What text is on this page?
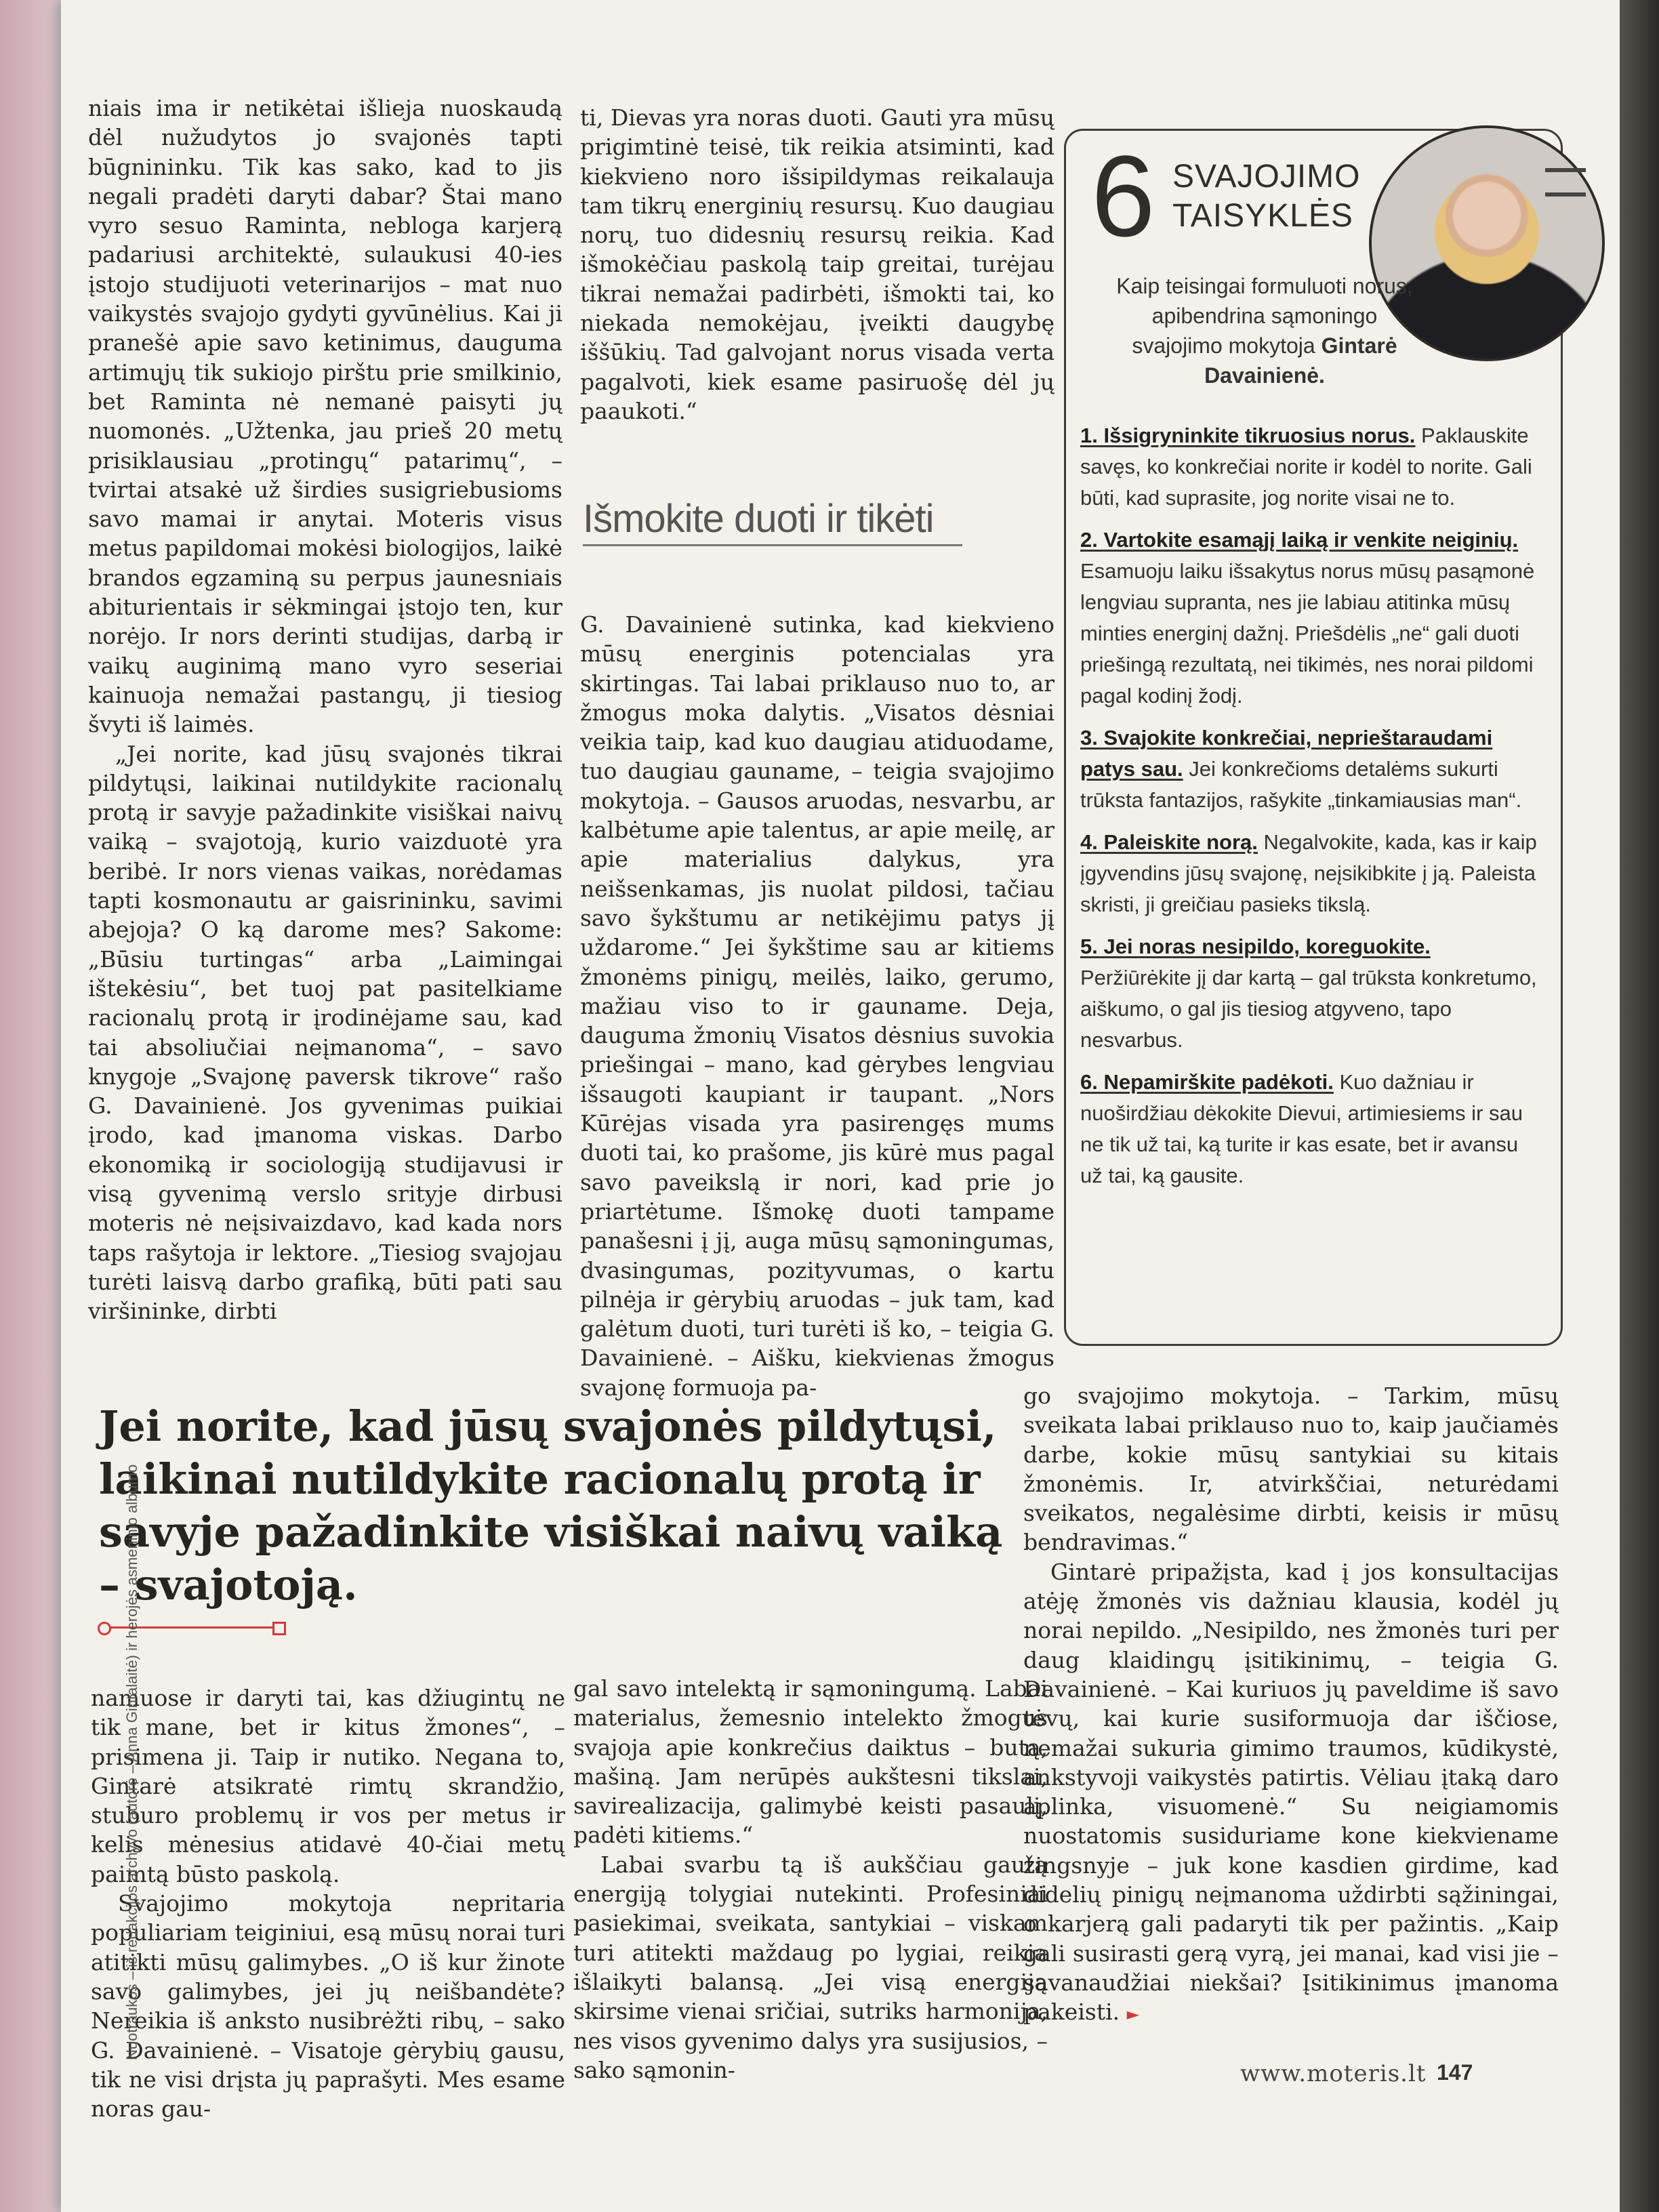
niais ima ir netikėtai išlieja nuoskaudą dėl nužudytos jo svajonės tapti būgnininku. Tik kas sako, kad to jis negali pradėti daryti dabar? Štai mano vyro sesuo Raminta, nebloga karjerą padariusi architektė, sulaukusi 40-ies įstojo studijuoti veterinarijos – mat nuo vaikystės svajojo gydyti gyvūnėlius. Kai ji pranešė apie savo ketinimus, dauguma artimųjų tik sukiojo pirštu prie smilkinio, bet Raminta nė nemanė paisyti jų nuomonės. „Užtenka, jau prieš 20 metų prisiklausiau „protingų“ patarimų“, – tvirtai atsakė už širdies susigriebusioms savo mamai ir anytai. Moteris visus metus papildomai mokėsi biologijos, laikė brandos egzaminą su perpus jaunesniais abiturientais ir sėkmingai įstojo ten, kur norėjo. Ir nors derinti studijas, darbą ir vaikų auginimą mano vyro seseriai kainuoja nemažai pastangų, ji tiesiog švyti iš laimės.

„Jei norite, kad jūsų svajonės tikrai pildytųsi, laikinai nutildykite racionalų protą ir savyje pažadinkite visiškai naivų vaiką – svajotoją, kurio vaizduotė yra beribė. Ir nors vienas vaikas, norėdamas tapti kosmonautu ar gaisrininku, savimi abejoja? O ką darome mes? Sakome: „Būsiu turtingas“ arba „Laimingai ištekėsiu“, bet tuoj pat pasitelkiame racionalų protą ir įrodinėjame sau, kad tai absoliučiai neįmanoma“, – savo knygoje „Svajonę paversk tikrove“ rašo G. Davainienė. Jos gyvenimas puikiai įrodo, kad įmanoma viskas. Darbo ekonomiką ir sociologiją studijavusi ir visą gyvenimą verslo srityje dirbusi moteris nė neįsivaizdavo, kad kada nors taps rašytoja ir lektore. „Tiesiog svajojau turėti laisvą darbo grafiką, būti pati sau viršininke, dirbti

ti, Dievas yra noras duoti. Gauti yra mūsų prigimtinė teisė, tik reikia atsiminti, kad kiekvieno noro išsipildymas reikalauja tam tikrų energinių resursų. Kuo daugiau norų, tuo didesnių resursų reikia. Kad išmokėčiau paskolą taip greitai, turėjau tikrai nemažai padirbėti, išmokti tai, ko niekada nemokėjau, įveikti daugybę iššūkių. Tad galvojant norus visada verta pagalvoti, kiek esame pasiruošę dėl jų paaukoti.“

Išmokite duoti ir tikėti

G. Davainienė sutinka, kad kiekvieno mūsų energinis potencialas yra skirtingas. Tai labai priklauso nuo to, ar žmogus moka dalytis. „Visatos dėsniai veikia taip, kad kuo daugiau atiduodame, tuo daugiau gauname, – teigia svajojimo mokytoja. – Gausos aruodas, nesvarbu, ar kalbėtume apie talentus, ar apie meilę, ar apie materialius dalykus, yra neišsenkamas, jis nuolat pildosi, tačiau savo šykštumu ar netikėjimu patys jį uždarome.“ Jei šykštime sau ar kitiems žmonėms pinigų, meilės, laiko, gerumo, mažiau viso to ir gauname. Deja, dauguma žmonių Visatos dėsnius suvokia priešingai – mano, kad gėrybes lengviau išsaugoti kaupiant ir taupant. „Nors Kūrėjas visada yra pasirengęs mums duoti tai, ko prašome, jis kūrė mus pagal savo paveikslą ir nori, kad prie jo priartėtume. Išmokę duoti tampame panašesni į jį, auga mūsų sąmoningumas, dvasingumas, pozityvumas, o kartu pilnėja ir gėrybių aruodas – juk tam, kad galėtum duoti, turi turėti iš ko, – teigia G. Davainienė. – Aišku, kiekvienas žmogus svajonę formuoja pa-

6 SVAJOJIMO
TAISYKLĖS
Kaip teisingai formuluoti norus, apibendrina sąmoningo svajojimo mokytoja Gintarė Davainienė.
1. Išsigryninkite tikruosius norus. Paklauskite savęs, ko konkrečiai norite ir kodėl to norite. Gali būti, kad suprasite, jog norite visai ne to.
2. Vartokite esamąjį laiką ir venkite neiginių. Esamuoju laiku išsakytus norus mūsų pasąmonė lengviau supranta, nes jie labiau atitinka mūsų minties energinį dažnį. Priešdėlis „ne“ gali duoti priešingą rezultatą, nei tikimės, nes norai pildomi pagal kodinį žodį.
3. Svajokite konkrečiai, neprieštaraudami patys sau. Jei konkrečioms detalėms sukurti trūksta fantazijos, rašykite „tinkamiausias man“.
4. Paleiskite norą. Negalvokite, kada, kas ir kaip įgyvendins jūsų svajonę, neįsikibkite į ją. Paleista skristi, ji greičiau pasieks tikslą.
5. Jei noras nesipildo, koreguokite. Peržiūrėkite jį dar kartą – gal trūksta konkretumo, aiškumo, o gal jis tiesiog atgyveno, tapo nesvarbus.
6. Nepamirškite padėkoti. Kuo dažniau ir nuoširdžiau dėkokite Dievui, artimiesiems ir sau ne tik už tai, ką turite ir kas esate, bet ir avansu už tai, ką gausite.
Jei norite, kad jūsų svajonės pildytųsi, laikinai nutildykite racionalų protą ir savyje pažadinkite visiškai naivų vaiką – svajotoją.

go svajojimo mokytoja. – Tarkim, mūsų sveikata labai priklauso nuo to, kaip jaučiamės darbe, kokie mūsų santykiai su kitais žmonėmis. Ir, atvirkščiai, neturėdami sveikatos, negalėsime dirbti, keisis ir mūsų bendravimas.“

Gintarė pripažįsta, kad į jos konsultacijas atėję žmonės vis dažniau klausia, kodėl jų norai nepildo. „Nesipildo, nes žmonės turi per daug klaidingų įsitikinimų, – teigia G. Davainienė. – Kai kuriuos jų paveldime iš savo tėvų, kai kurie susiformuoja dar iščiose, nemažai sukuria gimimo traumos, kūdikystė, ankstyvoji vaikystės patirtis. Vėliau įtaką daro aplinka, visuomenė.“ Su neigiamomis nuostatomis susiduriame kone kiekviename žingsnyje – juk kone kasdien girdime, kad didelių pinigų neįmanoma uždirbti sąžiningai, o karjerą gali padaryti tik per pažintis. „Kaip gali susirasti gerą vyrą, jei manai, kad visi jie – savanaudžiai niekšai? Įsitikinimus įmanoma pakeisti. ►

namuose ir daryti tai, kas džiugintų ne tik mane, bet ir kitus žmones“, – prisimena ji. Taip ir nutiko. Negana to, Gintarė atsikratė rimtų skrandžio, stuburo problemų ir vos per metus ir kelis mėnesius atidavė 40-čiai metų paimtą būsto paskolą.

Svajojimo mokytoja nepritaria populiariam teiginiui, esą mūsų norai turi atitikti mūsų galimybes. „O iš kur žinote savo galimybes, jei jų neišbandėte? Nereikia iš anksto nusibrėžti ribų, – sako G. Davainienė. – Visatoje gėrybių gausu, tik ne visi drįsta jų paprašyti. Mes esame noras gau-

gal savo intelektą ir sąmoningumą. Labai materialus, žemesnio intelekto žmogus svajoja apie konkrečius daiktus – butą, mašiną. Jam nerūpės aukštesni tikslai, savirealizacija, galimybė keisti pasaulį, padėti kitiems.“

Labai svarbu tą iš aukščiau gautą energiją tolygiai nutekinti. Profesiniai pasiekimai, sveikata, santykiai – viskam turi atitekti maždaug po lygiai, reikia išlaikyti balansą. „Jei visą energiją skirsime vienai sričiai, sutriks harmonija, nes visos gyvenimo dalys yra susijusios, – sako sąmonin-

Nuotraukos – iš redakcijos archyvo (autorė – Anna Gintalaitė) ir herojės asmeninio albumo
www.moteris.lt 147
